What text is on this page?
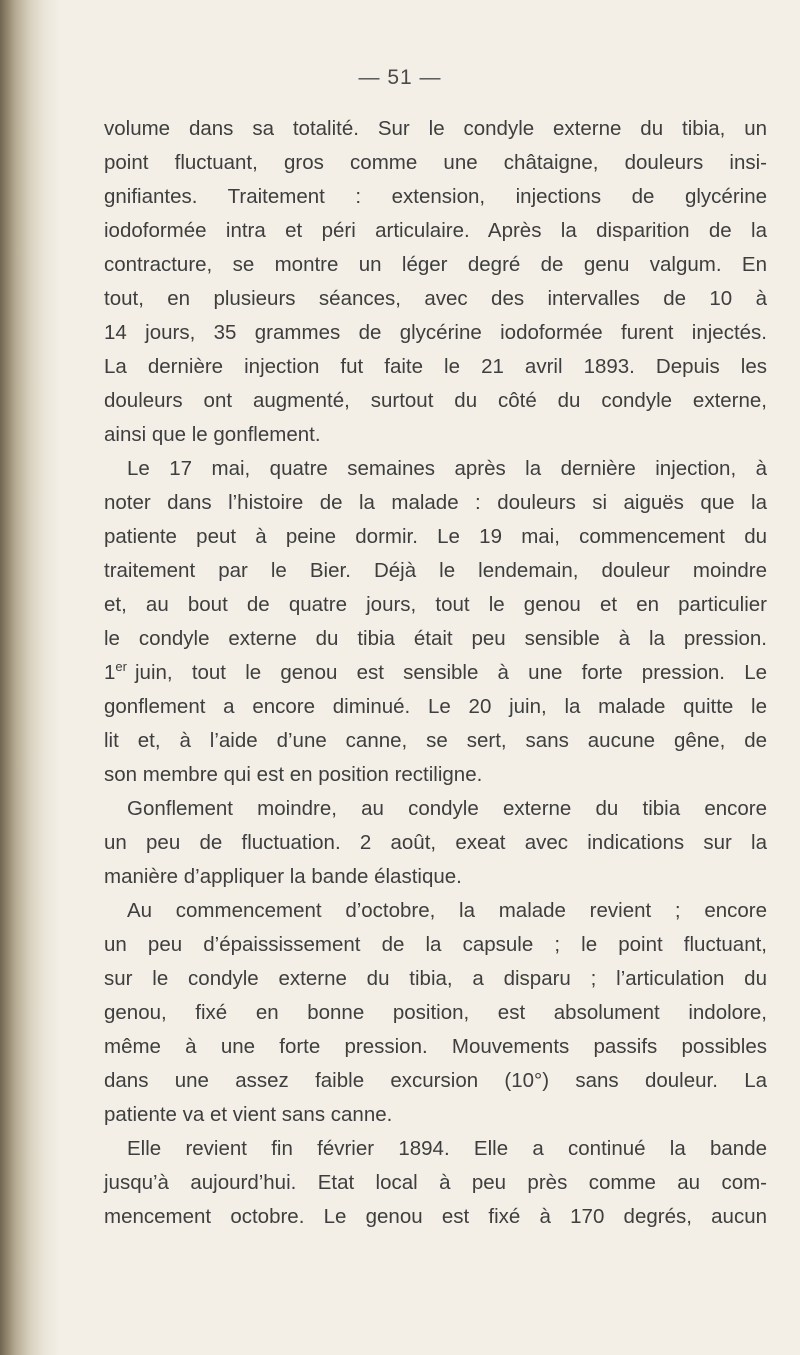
— 51 —
volume dans sa totalité. Sur le condyle externe du tibia, un
point fluctuant, gros comme une châtaigne, douleurs insi-
gnifiantes. Traitement : extension, injections de glycérine
iodoformée intra et péri articulaire. Après la disparition de la
contracture, se montre un léger degré de genu valgum. En
tout, en plusieurs séances, avec des intervalles de 10 à
14 jours, 35 grammes de glycérine iodoformée furent injectés.
La dernière injection fut faite le 21 avril 1893. Depuis les
douleurs ont augmenté, surtout du côté du condyle externe,
ainsi que le gonflement.
Le 17 mai, quatre semaines après la dernière injection, à
noter dans l’histoire de la malade : douleurs si aiguës que la
patiente peut à peine dormir. Le 19 mai, commencement du
traitement par le Bier. Déjà le lendemain, douleur moindre
et, au bout de quatre jours, tout le genou et en particulier
le condyle externe du tibia était peu sensible à la pression.
1er juin, tout le genou est sensible à une forte pression. Le
gonflement a encore diminué. Le 20 juin, la malade quitte le
lit et, à l’aide d’une canne, se sert, sans aucune gêne, de
son membre qui est en position rectiligne.
Gonflement moindre, au condyle externe du tibia encore
un peu de fluctuation. 2 août, exeat avec indications sur la
manière d’appliquer la bande élastique.
Au commencement d’octobre, la malade revient ; encore
un peu d’épaississement de la capsule ; le point fluctuant,
sur le condyle externe du tibia, a disparu ; l’articulation du
genou, fixé en bonne position, est absolument indolore,
même à une forte pression. Mouvements passifs possibles
dans une assez faible excursion (10°) sans douleur. La
patiente va et vient sans canne.
Elle revient fin février 1894. Elle a continué la bande
jusqu’à aujourd’hui. Etat local à peu près comme au com-
mencement octobre. Le genou est fixé à 170 degrés, aucun
